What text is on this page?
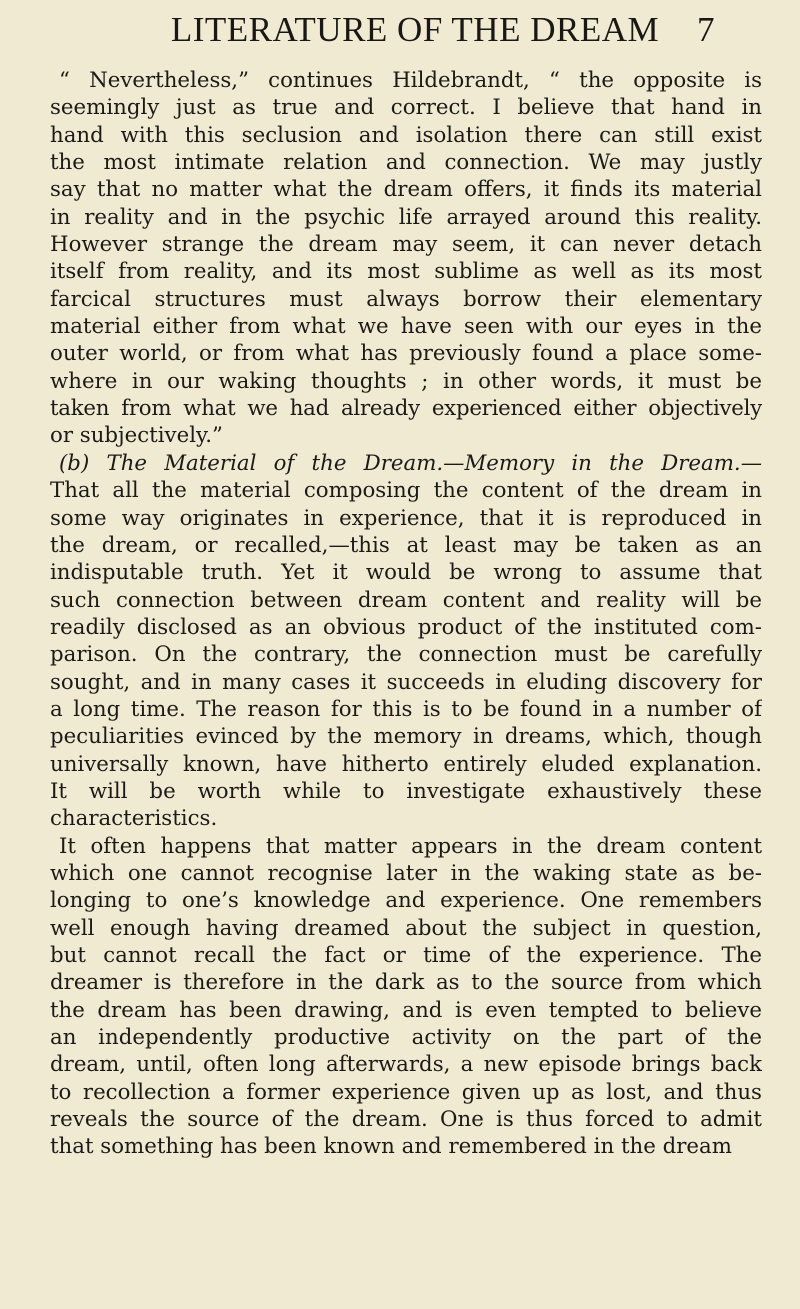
LITERATURE OF THE DREAM	7
“ Nevertheless,” continues Hildebrandt, “ the opposite is
seemingly just as true and correct. I believe that hand in
hand with this seclusion and isolation there can still exist
the most intimate relation and connection. We may justly
say that no matter what the dream offers, it finds its material
in reality and in the psychic life arrayed around this reality.
However strange the dream may seem, it can never detach
itself from reality, and its most sublime as well as its most
farcical structures must always borrow their elementary
material either from what we have seen with our eyes in the
outer world, or from what has previously found a place some-
where in our waking thoughts ; in other words, it must be
taken from what we had already experienced either objectively
or subjectively.”
(b) The Material of the Dream.—Memory in the Dream.—
That all the material composing the content of the dream in
some way originates in experience, that it is reproduced in
the dream, or recalled,—this at least may be taken as an
indisputable truth. Yet it would be wrong to assume that
such connection between dream content and reality will be
readily disclosed as an obvious product of the instituted com-
parison. On the contrary, the connection must be carefully
sought, and in many cases it succeeds in eluding discovery for
a long time. The reason for this is to be found in a number of
peculiarities evinced by the memory in dreams, which, though
universally known, have hitherto entirely eluded explanation.
It will be worth while to investigate exhaustively these
characteristics.
It often happens that matter appears in the dream content
which one cannot recognise later in the waking state as be-
longing to one’s knowledge and experience. One remembers
well enough having dreamed about the subject in question,
but cannot recall the fact or time of the experience. The
dreamer is therefore in the dark as to the source from which
the dream has been drawing, and is even tempted to believe
an independently productive activity on the part of the
dream, until, often long afterwards, a new episode brings back
to recollection a former experience given up as lost, and thus
reveals the source of the dream. One is thus forced to admit
that something has been known and remembered in the dream
